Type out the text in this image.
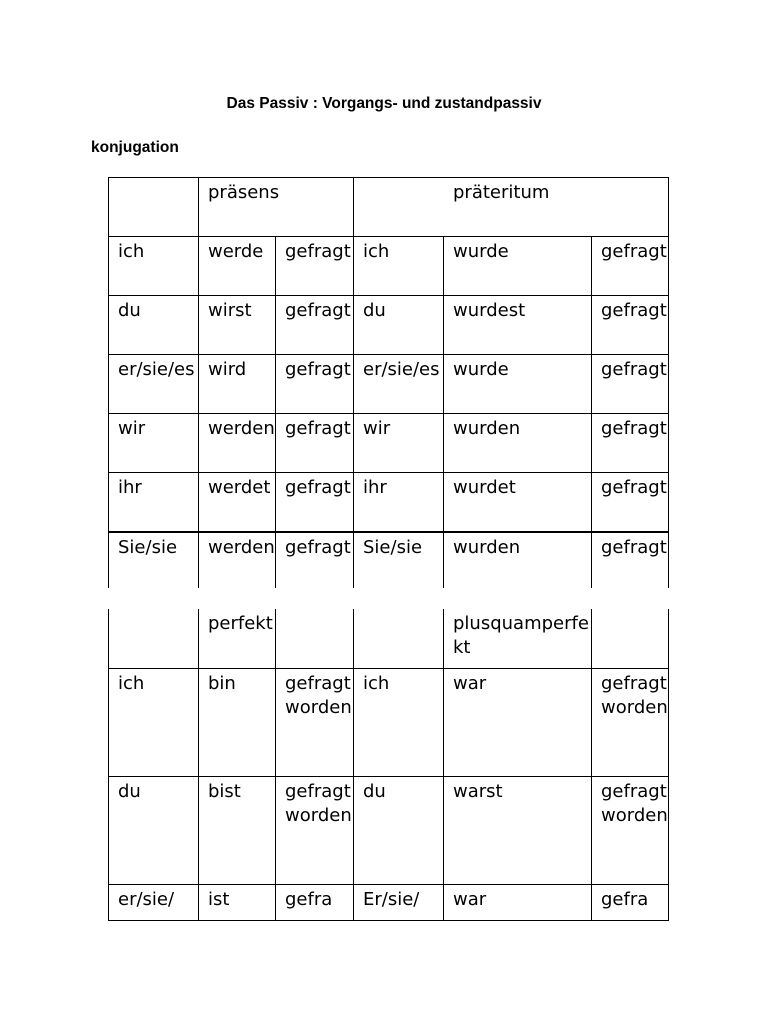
Das Passiv : Vorgangs- und zustandpassiv
konjugation
	präsens		präteritum		
ich	werde	gefragt	ich	wurde	gefragt
du	wirst	gefragt	du	wurdest	gefragt
er/sie/es	wird	gefragt	er/sie/es	wurde	gefragt
wir	werden	gefragt	wir	wurden	gefragt
ihr	werdet	gefragt	ihr	wurdet	gefragt
Sie/sie	werden	gefragt	Sie/sie	wurden	gefragt
	perfekt			plusquamperfekt	
ich	bin	gefragt worden	ich	war	gefragt worden
du	bist	gefragt worden	du	warst	gefragt worden
er/sie/	ist	gefra	Er/sie/	war	gefra
